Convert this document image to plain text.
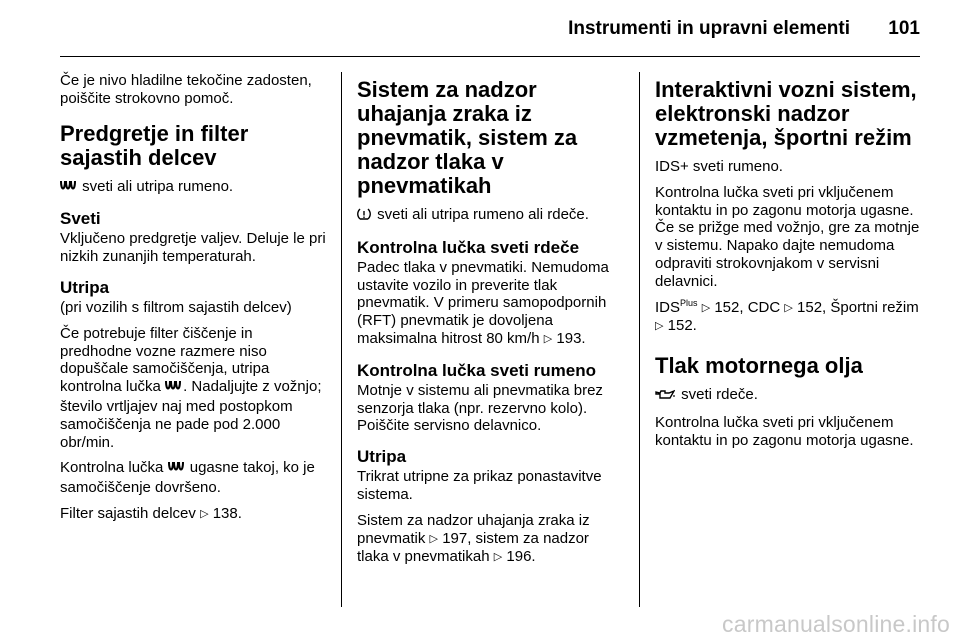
Instrumenti in upravni elementi 101

Če je nivo hladilne tekočine zadosten, poiščite strokovno pomoč.

Predgretje in filter sajastih delcev

sveti ali utripa rumeno.

Sveti

Vključeno predgretje valjev. Deluje le pri nizkih zunanjih temperaturah.

Utripa

(pri vozilih s filtrom sajastih delcev)

Če potrebuje filter čiščenje in predhodne vozne razmere niso dopuščale samočiščenja, utripa kontrolna lučka . Nadaljujte z vožnjo; število vrtljajev naj med postopkom samočiščenja ne pade pod 2.000 obr/min.

Kontrolna lučka ugasne takoj, ko je samočiščenje dovršeno.

Filter sajastih delcev ▷ 138.

Sistem za nadzor uhajanja zraka iz pnevmatik, sistem za nadzor tlaka v pnevmatikah

sveti ali utripa rumeno ali rdeče.

Kontrolna lučka sveti rdeče

Padec tlaka v pnevmatiki. Nemudoma ustavite vozilo in preverite tlak pnevmatik. V primeru samopodpornih (RFT) pnevmatik je dovoljena maksimalna hitrost 80 km/h ▷ 193.

Kontrolna lučka sveti rumeno

Motnje v sistemu ali pnevmatika brez senzorja tlaka (npr. rezervno kolo). Poiščite servisno delavnico.

Utripa

Trikrat utripne za prikaz ponastavitve sistema.

Sistem za nadzor uhajanja zraka iz pnevmatik ▷ 197, sistem za nadzor tlaka v pnevmatikah ▷ 196.

Interaktivni vozni sistem, elektronski nadzor vzmetenja, športni režim

IDS+ sveti rumeno.

Kontrolna lučka sveti pri vključenem kontaktu in po zagonu motorja ugasne. Če se prižge med vožnjo, gre za motnje v sistemu. Napako dajte nemudoma odpraviti strokovnjakom v servisni delavnici.

$IDS^{Plus}$ ▷ 152, CDC ▷ 152, Športni režim ▷ 152.

Tlak motornega olja

sveti rdeče.

Kontrolna lučka sveti pri vključenem kontaktu in po zagonu motorja ugasne.

carmanualsonline.info
